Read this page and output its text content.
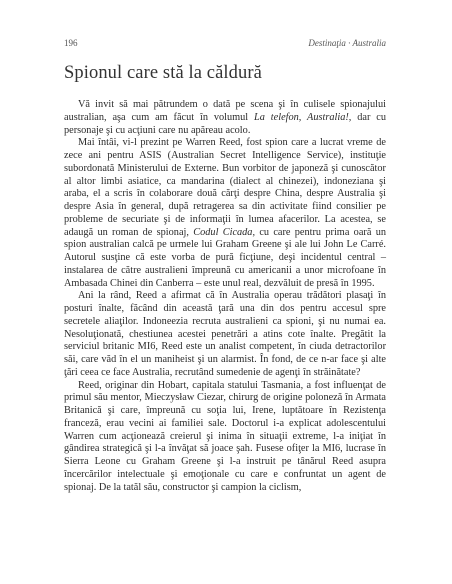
196	Destinaţia · Australia
Spionul care stă la căldură

Vă invit să mai pătrundem o dată pe scena şi în culisele spionajului australian, aşa cum am făcut în volumul La telefon, Australia!, dar cu personaje şi cu acţiuni care nu apăreau acolo.

Mai întâi, vi-l prezint pe Warren Reed, fost spion care a lucrat vreme de zece ani pentru ASIS (Australian Secret Intelligence Service), instituţie subordonată Ministerului de Externe. Bun vorbitor de japoneză şi cunoscător al altor limbi asiatice, ca mandarina (dialect al chinezei), indoneziana şi araba, el a scris în colaborare două cărţi despre China, despre Australia şi despre Asia în general, după retragerea sa din activitate fiind consilier pe probleme de securiate şi de informaţii în lumea afacerilor. La acestea, se adaugă un roman de spionaj, Codul Cicada, cu care pentru prima oară un spion australian calcă pe urmele lui Graham Greene şi ale lui John Le Carré. Autorul susţine că este vorba de pură ficţiune, deşi incidentul central – instalarea de către australieni împreună cu americanii a unor microfoane în Ambasada Chinei din Canberra – este unul real, dezvăluit de presă în 1995.

Ani la rând, Reed a afirmat că în Australia operau trădători plasaţi în posturi înalte, făcând din această ţară una din dos pentru accesul spre secretele aliaţilor. Indoneezia recruta australieni ca spioni, şi nu numai ea. Nesoluţionată, chestiunea acestei penetrări a atins cote înalte. Pregătit la serviciul britanic MI6, Reed este un analist competent, în ciuda detractorilor săi, care văd în el un manihеist şi un alarmist. În fond, de ce n-ar face şi alte ţări ceea ce face Australia, recrutând sumedenie de agenţi în străinătate?

Reed, originar din Hobart, capitala statului Tasmania, a fost influenţat de primul său mentor, Mieczysław Ciezar, chirurg de origine poloneză în Armata Britanică şi care, împreună cu soţia lui, Irene, luptătoare în Rezistenţa franceză, erau vecini ai familiei sale. Doctorul i-a explicat adolescentului Warren cum acţionează creierul şi inima în situaţii extreme, l-a iniţiat în gândirea strategică şi l-a învăţat să joace şah. Fusese ofiţer la MI6, lucrase în Sierra Leone cu Graham Greene şi l-a instruit pe tânărul Reed asupra încercărilor intelectuale şi emoţionale cu care e confruntat un agent de spionaj. De la tatăl său, constructor şi campion la ciclism,
